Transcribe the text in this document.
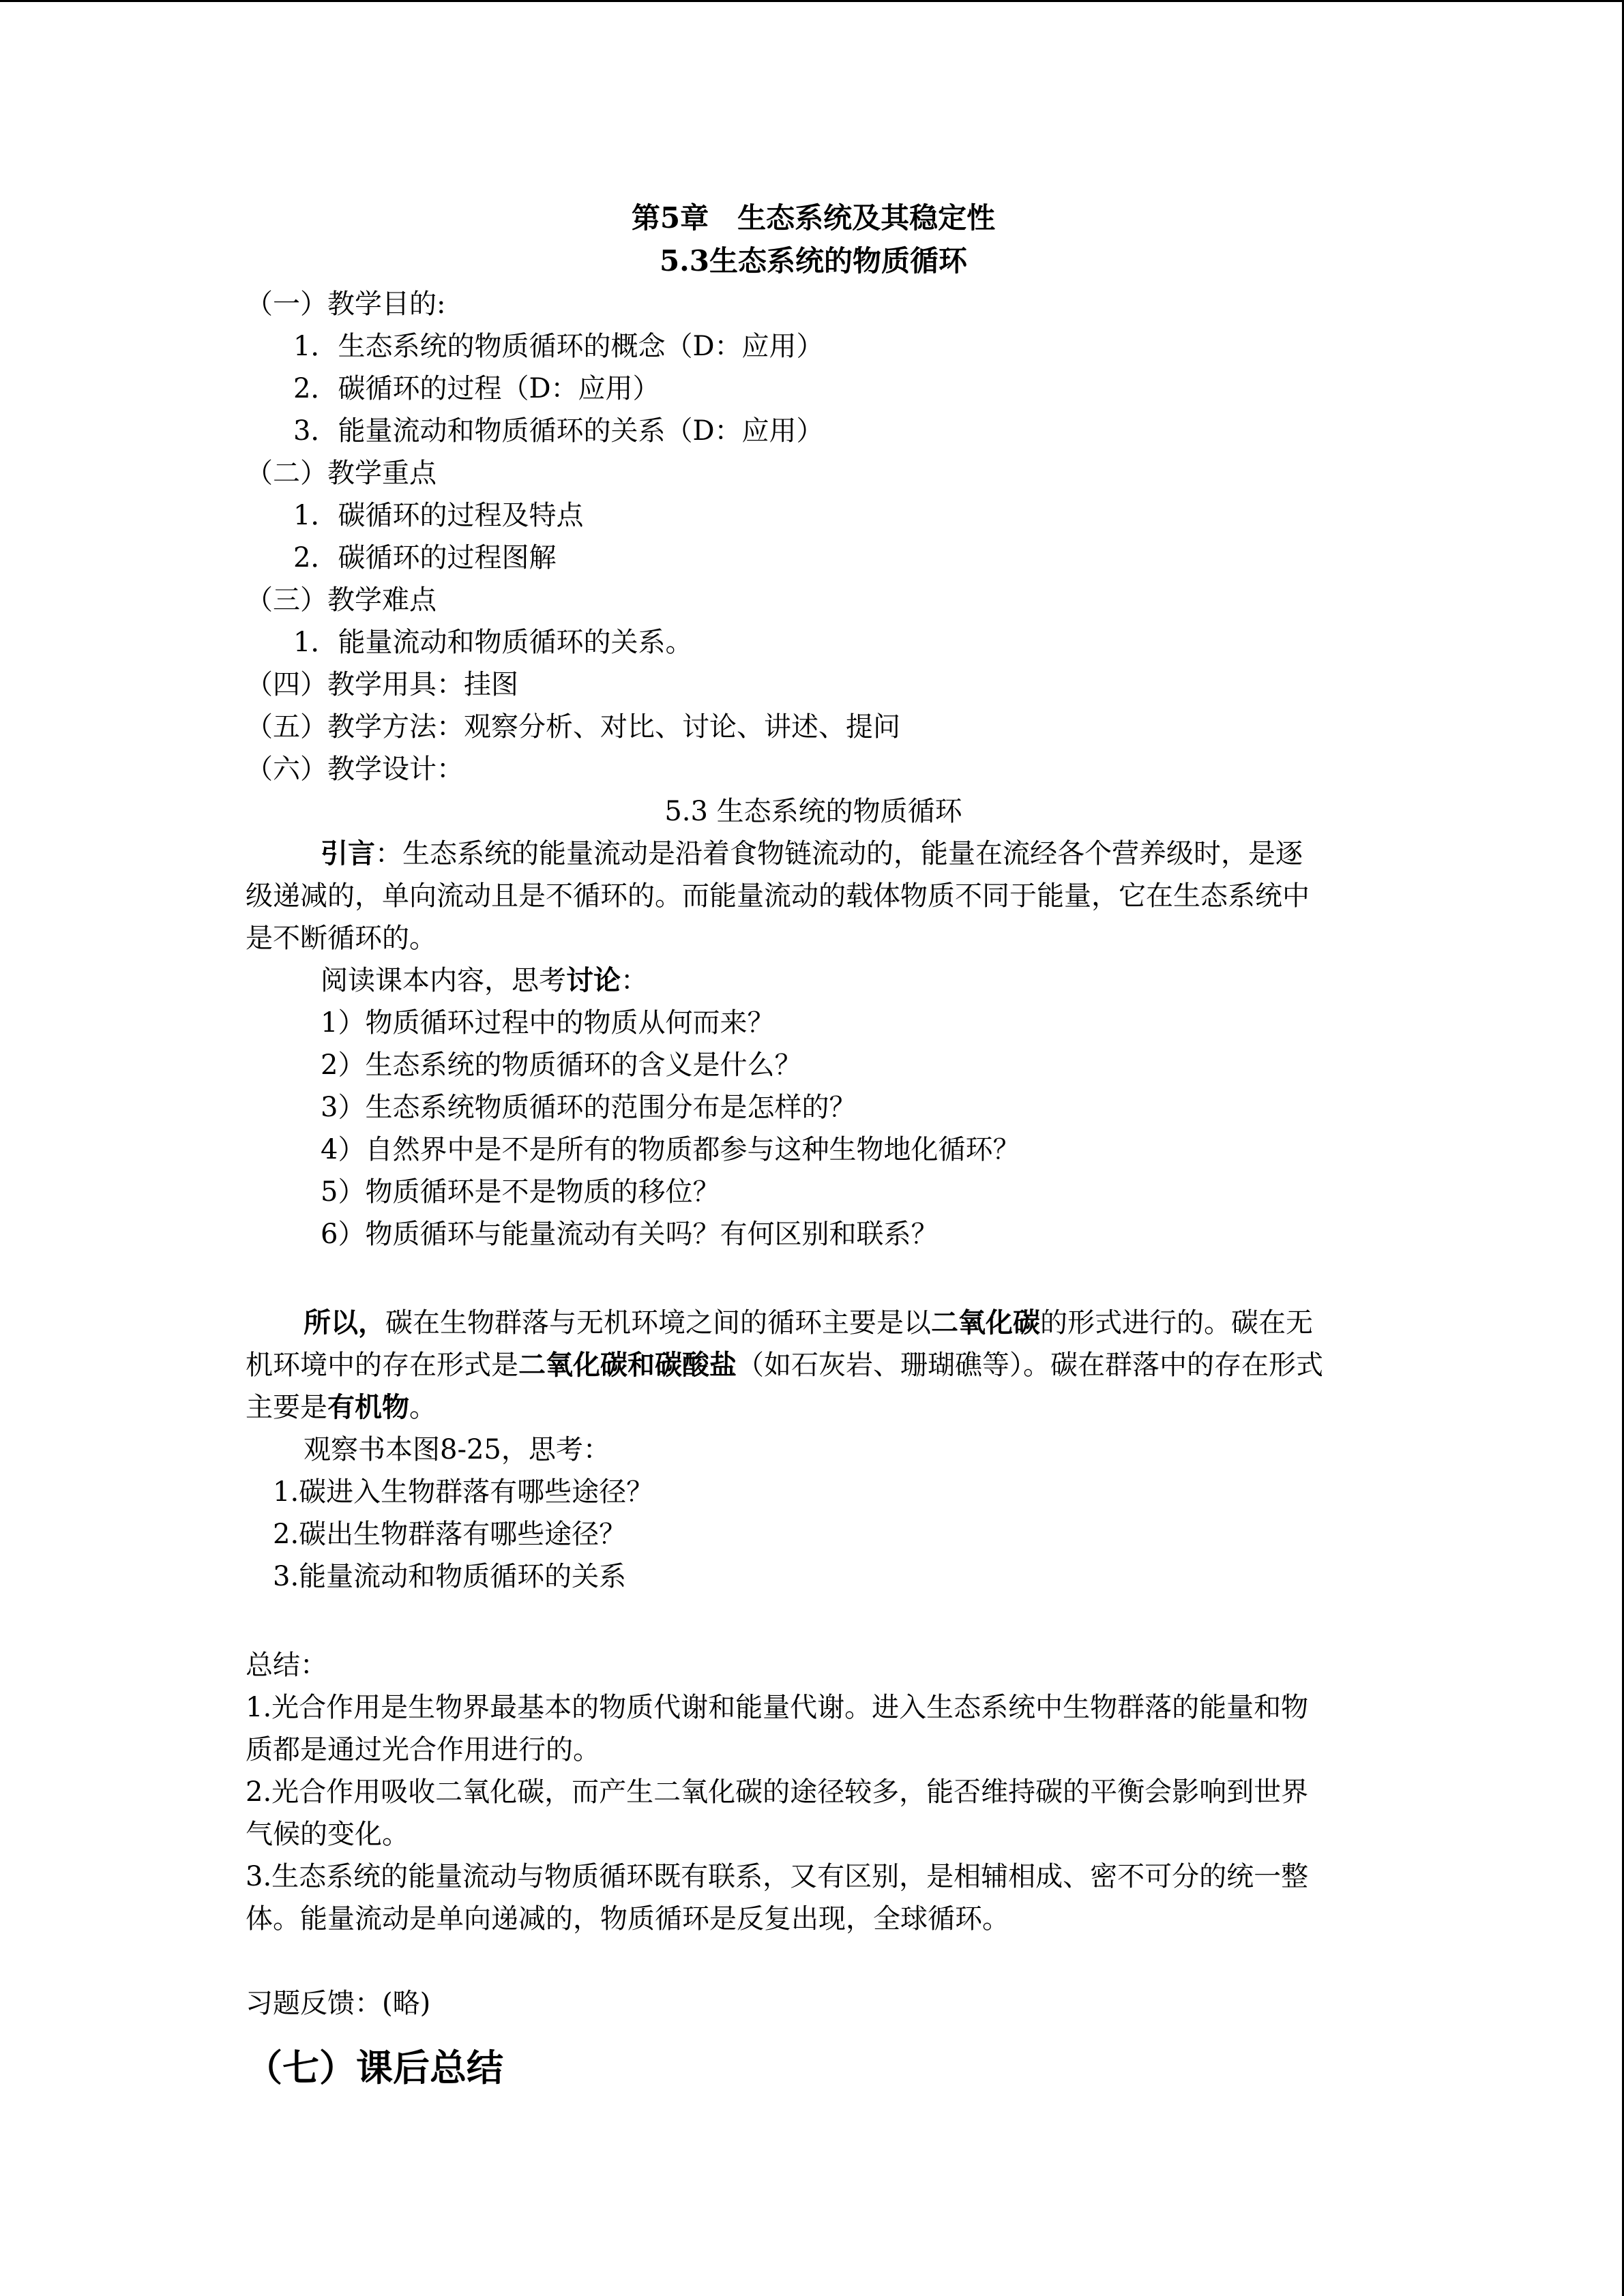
第5章　生态系统及其稳定性
5.3生态系统的物质循环
（一）教学目的:
1．生态系统的物质循环的概念（D：应用）
2．碳循环的过程（D：应用）
3．能量流动和物质循环的关系（D：应用）
（二）教学重点
1．碳循环的过程及特点
2．碳循环的过程图解
（三）教学难点
1．能量流动和物质循环的关系。
（四）教学用具：挂图
（五）教学方法：观察分析、对比、讨论、讲述、提问
（六）教学设计：
5.3 生态系统的物质循环
引言：生态系统的能量流动是沿着食物链流动的，能量在流经各个营养级时，是逐
级递减的，单向流动且是不循环的。而能量流动的载体物质不同于能量，它在生态系统中
是不断循环的。
阅读课本内容，思考讨论：
1）物质循环过程中的物质从何而来？
2）生态系统的物质循环的含义是什么？
3）生态系统物质循环的范围分布是怎样的？
4）自然界中是不是所有的物质都参与这种生物地化循环？
5）物质循环是不是物质的移位？
6）物质循环与能量流动有关吗？有何区别和联系？
所以，碳在生物群落与无机环境之间的循环主要是以二氧化碳的形式进行的。碳在无
机环境中的存在形式是二氧化碳和碳酸盐（如石灰岩、珊瑚礁等）。碳在群落中的存在形式
主要是有机物。
观察书本图8-25，思考：
1.碳进入生物群落有哪些途径？
2.碳出生物群落有哪些途径？
3.能量流动和物质循环的关系
总结：
1.光合作用是生物界最基本的物质代谢和能量代谢。进入生态系统中生物群落的能量和物
质都是通过光合作用进行的。
2.光合作用吸收二氧化碳，而产生二氧化碳的途径较多，能否维持碳的平衡会影响到世界
气候的变化。
3.生态系统的能量流动与物质循环既有联系，又有区别，是相辅相成、密不可分的统一整
体。能量流动是单向递减的，物质循环是反复出现，全球循环。
习题反馈：(略)
（七）课后总结
